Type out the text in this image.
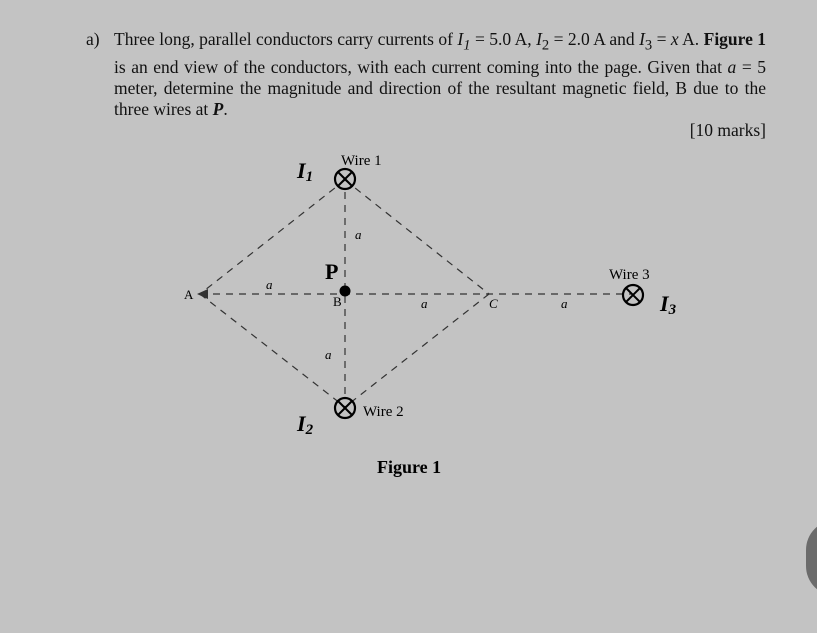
a) Three long, parallel conductors carry currents of $I_1 = 5.0$ A, $I_2 = 2.0$ A and $I_3 = x$ A. Figure 1 is an end view of the conductors, with each current coming into the page. Given that a = 5 meter, determine the magnitude and direction of the resultant magnetic field, B due to the three wires at P.

[10 marks]
Wire 1
Wire 2
Wire 3
I1
I2
I3
P
A	B	C
a
a
a	a
a
Figure 1
